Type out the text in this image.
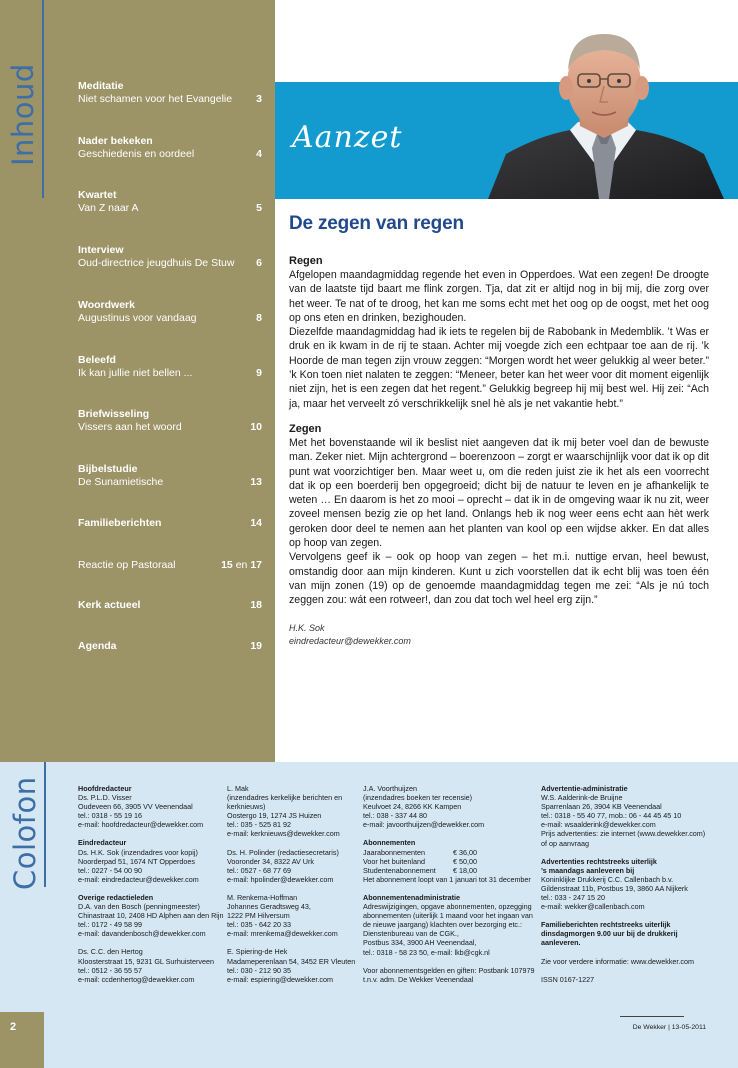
Inhoud	Meditatie
Niet schamen voor het Evangelie	3
Nader bekeken
Geschiedenis en oordeel	4
Kwartet
Van Z naar A	5
Interview
Oud-directrice jeugdhuis De Stuw	6
Woordwerk
Augustinus voor vandaag	8
Beleefd
Ik kan jullie niet bellen ...	9
Briefwisseling
Vissers aan het woord	10
Bijbelstudie
De Sunamietische	13
Familieberichten	14
Reactie op Pastoraal	15 en 17
Kerk actueel	18
Agenda	19
Aanzet
De zegen van regen
Regen

Afgelopen maandagmiddag regende het even in Opperdoes. Wat een zegen! De droogte van de laatste tijd baart me flink zorgen. Tja, dat zit er altijd nog in bij mij, die zorg over het weer. Te nat of te droog, het kan me soms echt met het oog op de oogst, met het oog op ons eten en drinken, bezighouden.

Diezelfde maandagmiddag had ik iets te regelen bij de Rabobank in Medemblik. ’t Was er druk en ik kwam in de rij te staan. Achter mij voegde zich een echtpaar toe aan de rij. ’k Hoorde de man tegen zijn vrouw zeggen: “Morgen wordt het weer gelukkig al weer beter.” ’k Kon toen niet nalaten te zeggen: “Meneer, beter kan het weer voor dit moment eigenlijk niet zijn, het is een zegen dat het regent.” Gelukkig begreep hij mij best wel. Hij zei: “Ach ja, maar het verveelt zó verschrikkelijk snel hè als je net vakantie hebt.”

Zegen

Met het bovenstaande wil ik beslist niet aangeven dat ik mij beter voel dan de bewuste man. Zeker niet. Mijn achtergrond – boerenzoon – zorgt er waarschijnlijk voor dat ik op dit punt wat voorzichtiger ben. Maar weet u, om die reden juist zie ik het als een voorrecht dat ik op een boerderij ben opgegroeid; dicht bij de natuur te leven en je afhankelijk te weten … En daarom is het zo mooi – oprecht – dat ik in de omgeving waar ik nu zit, weer zoveel mensen bezig zie op het land. Onlangs heb ik nog weer eens echt aan hèt werk geroken door deel te nemen aan het planten van kool op een wijdse akker. En dat alles op hoop van zegen.

Vervolgens geef ik – ook op hoop van zegen – het m.i. nuttige ervan, heel bewust, omstandig door aan mijn kinderen. Kunt u zich voorstellen dat ik echt blij was toen één van mijn zonen (19) op de genoemde maandagmiddag tegen me zei: “Als je nú toch zeggen zou: wát een rotweer!, dan zou dat toch wel heel erg zijn.”

H.K. Sok
eindredacteur@dewekker.com
Colofon	Hoofdredacteur
Ds. P.L.D. Visser
Oudeveen 66, 3905 VV Veenendaal
tel.: 0318 - 55 19 16
e-mail: hoofdredacteur@dewekker.com
Eindredacteur
Ds. H.K. Sok (inzendadres voor kopij)
Noorderpad 51, 1674 NT Opperdoes
tel.: 0227 - 54 00 90
e-mail: eindredacteur@dewekker.com
Overige redactieleden
D.A. van den Bosch (penningmeester)
Chinastraat 10, 2408 HD Alphen aan den Rijn
tel.: 0172 - 49 58 99
e-mail: davandenbosch@dewekker.com
Ds. C.C. den Hertog
Kloosterstraat 15, 9231 GL Surhuisterveen
tel.: 0512 - 36 55 57
e-mail: ccdenhertog@dewekker.com
L. Mak
(inzendadres kerkelijke berichten en
kerknieuws)
Oostergo 19, 1274 JS Huizen
tel.: 035 - 525 81 92
e-mail: kerknieuws@dewekker.com
Ds. H. Polinder (redactiesecretaris)
Vooronder 34, 8322 AV Urk
tel.: 0527 - 68 77 69
e-mail: hpolinder@dewekker.com
M. Renkema-Hoffman
Johannes Geradtsweg 43,
1222 PM Hilversum
tel.: 035 - 642 20 33
e-mail: mrenkema@dewekker.com
E. Spiering-de Hek
Madameperenlaan 54, 3452 ER Vleuten
tel.: 030 - 212 90 35
e-mail: espiering@dewekker.com
J.A. Voorthuijzen
(inzendadres boeken ter recensie)
Keulvoet 24, 8266 KK Kampen
tel.: 038 - 337 44 80
e-mail: javoorthuijzen@dewekker.com
Abonnementen
Jaarabonnementen	€ 36,00
Voor het buitenland	€ 50,00
Studentenabonnement	€ 18,00
Het abonnement loopt van 1 januari tot 31 december
Abonnementenadministratie
Adreswijzigingen, opgave abonnementen, opzegging
abonnementen (uiterlijk 1 maand voor het ingaan van
de nieuwe jaargang) klachten over bezorging etc.:
Dienstenbureau van de CGK.,
Postbus 334, 3900 AH Veenendaal,
tel.: 0318 - 58 23 50, e-mail: lkb@cgk.nl
Voor abonnementsgelden en giften: Postbank 107979
t.n.v. adm. De Wekker Veenendaal
Advertentie-administratie
W.S. Aalderink-de Bruijne
Sparrenlaan 26, 3904 KB Veenendaal
tel.: 0318 - 55 40 77, mob.: 06 - 44 45 45 10
e-mail: wsaalderink@dewekker.com
Prijs advertenties: zie internet (www.dewekker.com)
of op aanvraag
Advertenties rechtstreeks uiterlijk
’s maandags aanleveren bij
Koninklijke Drukkerij C.C. Callenbach b.v.
Gildenstraat 11b, Postbus 19, 3860 AA Nijkerk
tel.: 033 - 247 15 20
e-mail: wekker@callenbach.com
Familieberichten rechtstreeks uiterlijk
dinsdagmorgen 9.00 uur bij de drukkerij
aanleveren.
Zie voor verdere informatie: www.dewekker.com
ISSN 0167-1227
2	De Wekker | 13-05-2011
